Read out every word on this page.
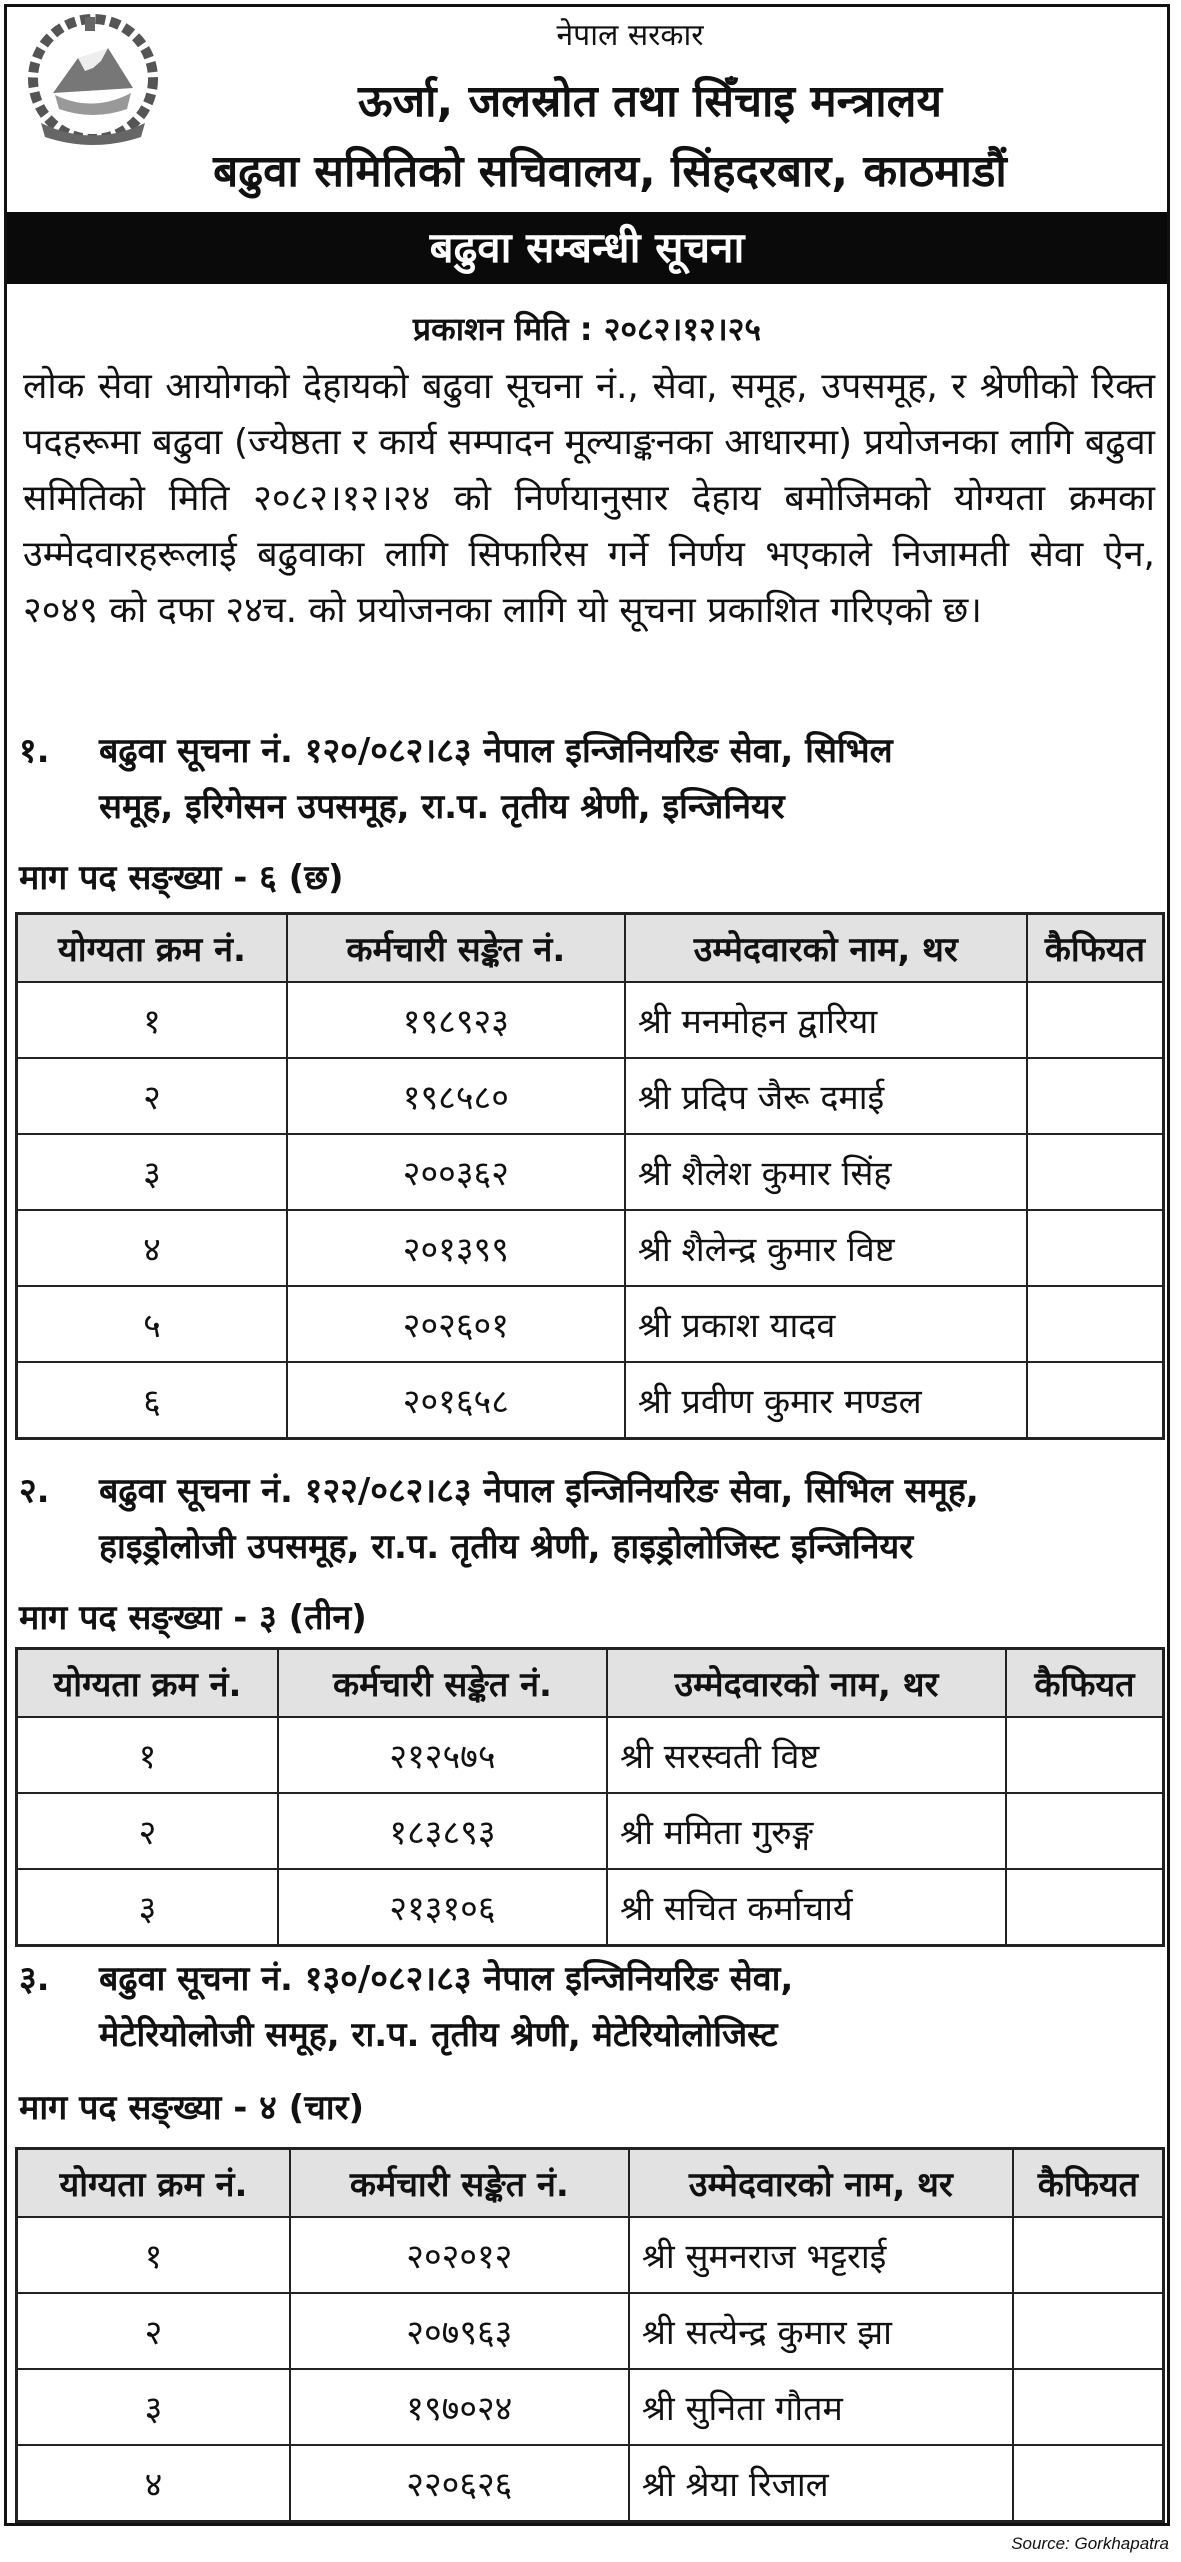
नेपाल सरकार
ऊर्जा, जलस्रोत तथा सिँचाइ मन्त्रालय
बढुवा समितिको सचिवालय, सिंहदरबार, काठमाडौं
बढुवा सम्बन्धी सूचना
प्रकाशन मिति : २०८२।१२।२५
लोक सेवा आयोगको देहायको बढुवा सूचना नं., सेवा, समूह, उपसमूह, र श्रेणीको रिक्त पदहरूमा बढुवा (ज्येष्ठता र कार्य सम्पादन मूल्याङ्कनका आधारमा) प्रयोजनका लागि बढुवा समितिको मिति २०८२।१२।२४ को निर्णयानुसार देहाय बमोजिमको योग्यता क्रमका उम्मेदवारहरूलाई बढुवाका लागि सिफारिस गर्ने निर्णय भएकाले निजामती सेवा ऐन, २०४९ को दफा २४च. को प्रयोजनका लागि यो सूचना प्रकाशित गरिएको छ।
१. बढुवा सूचना नं. १२०/०८२।८३ नेपाल इन्जिनियरिङ सेवा, सिभिल
समूह, इरिगेसन उपसमूह, रा.प. तृतीय श्रेणी, इन्जिनियर
माग पद सङ्ख्या - ६ (छ)
योग्यता क्रम नं.	कर्मचारी सङ्केत नं.	उम्मेदवारको नाम, थर	कैफियत
१	१९८९२३	श्री मनमोहन द्वारिया	
२	१९८५८०	श्री प्रदिप जैरू दमाई	
३	२००३६२	श्री शैलेश कुमार सिंह	
४	२०१३९९	श्री शैलेन्द्र कुमार विष्ट	
५	२०२६०१	श्री प्रकाश यादव	
६	२०१६५८	श्री प्रवीण कुमार मण्डल	
२. बढुवा सूचना नं. १२२/०८२।८३ नेपाल इन्जिनियरिङ सेवा, सिभिल समूह,
हाइड्रोलोजी उपसमूह, रा.प. तृतीय श्रेणी, हाइड्रोलोजिस्ट इन्जिनियर
माग पद सङ्ख्या - ३ (तीन)
योग्यता क्रम नं.	कर्मचारी सङ्केत नं.	उम्मेदवारको नाम, थर	कैफियत
१	२१२५७५	श्री सरस्वती विष्ट	
२	१८३८९३	श्री ममिता गुरुङ्ग	
३	२१३१०६	श्री सचित कर्माचार्य	
३. बढुवा सूचना नं. १३०/०८२।८३ नेपाल इन्जिनियरिङ सेवा,
मेटेरियोलोजी समूह, रा.प. तृतीय श्रेणी, मेटेरियोलोजिस्ट
माग पद सङ्ख्या - ४ (चार)
योग्यता क्रम नं.	कर्मचारी सङ्केत नं.	उम्मेदवारको नाम, थर	कैफियत
१	२०२०१२	श्री सुमनराज भट्टराई	
२	२०७९६३	श्री सत्येन्द्र कुमार झा	
३	१९७०२४	श्री सुनिता गौतम	
४	२२०६२६	श्री श्रेया रिजाल	
Source: Gorkhapatra
